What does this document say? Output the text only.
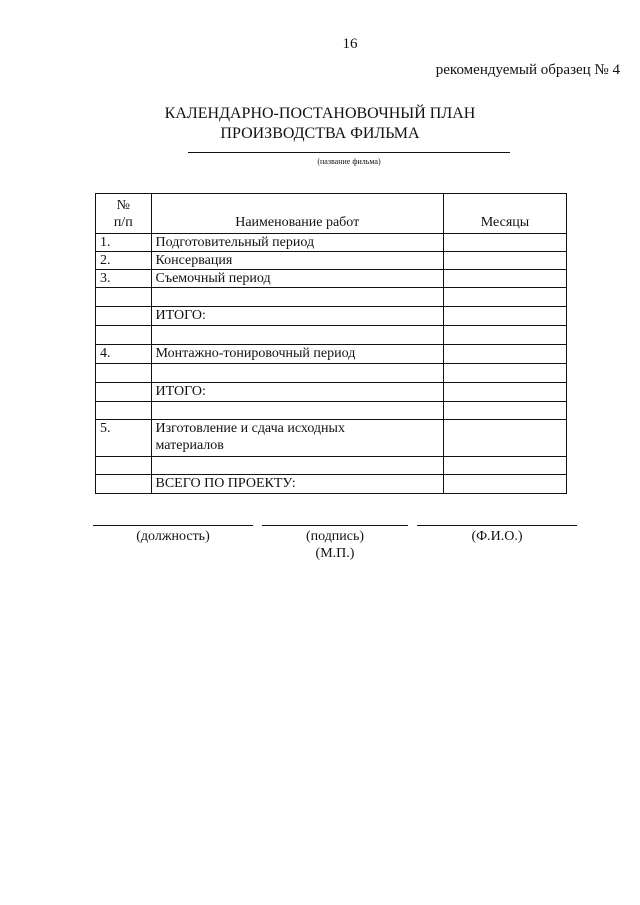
16
рекомендуемый образец № 4
КАЛЕНДАРНО-ПОСТАНОВОЧНЫЙ ПЛАН
ПРОИЗВОДСТВА ФИЛЬМА
(название фильма)
№
п/п	Наименование работ	Месяцы
1.	Подготовительный период	
2.	Консервация	
3.	Съемочный период	

	ИТОГО:	

4.	Монтажно-тонировочный период	

	ИТОГО:	

5.	Изготовление и сдача исходных
материалов	

	ВСЕГО ПО ПРОЕКТУ:	
(должность)	(подпись)
(М.П.)
(Ф.И.О.)
